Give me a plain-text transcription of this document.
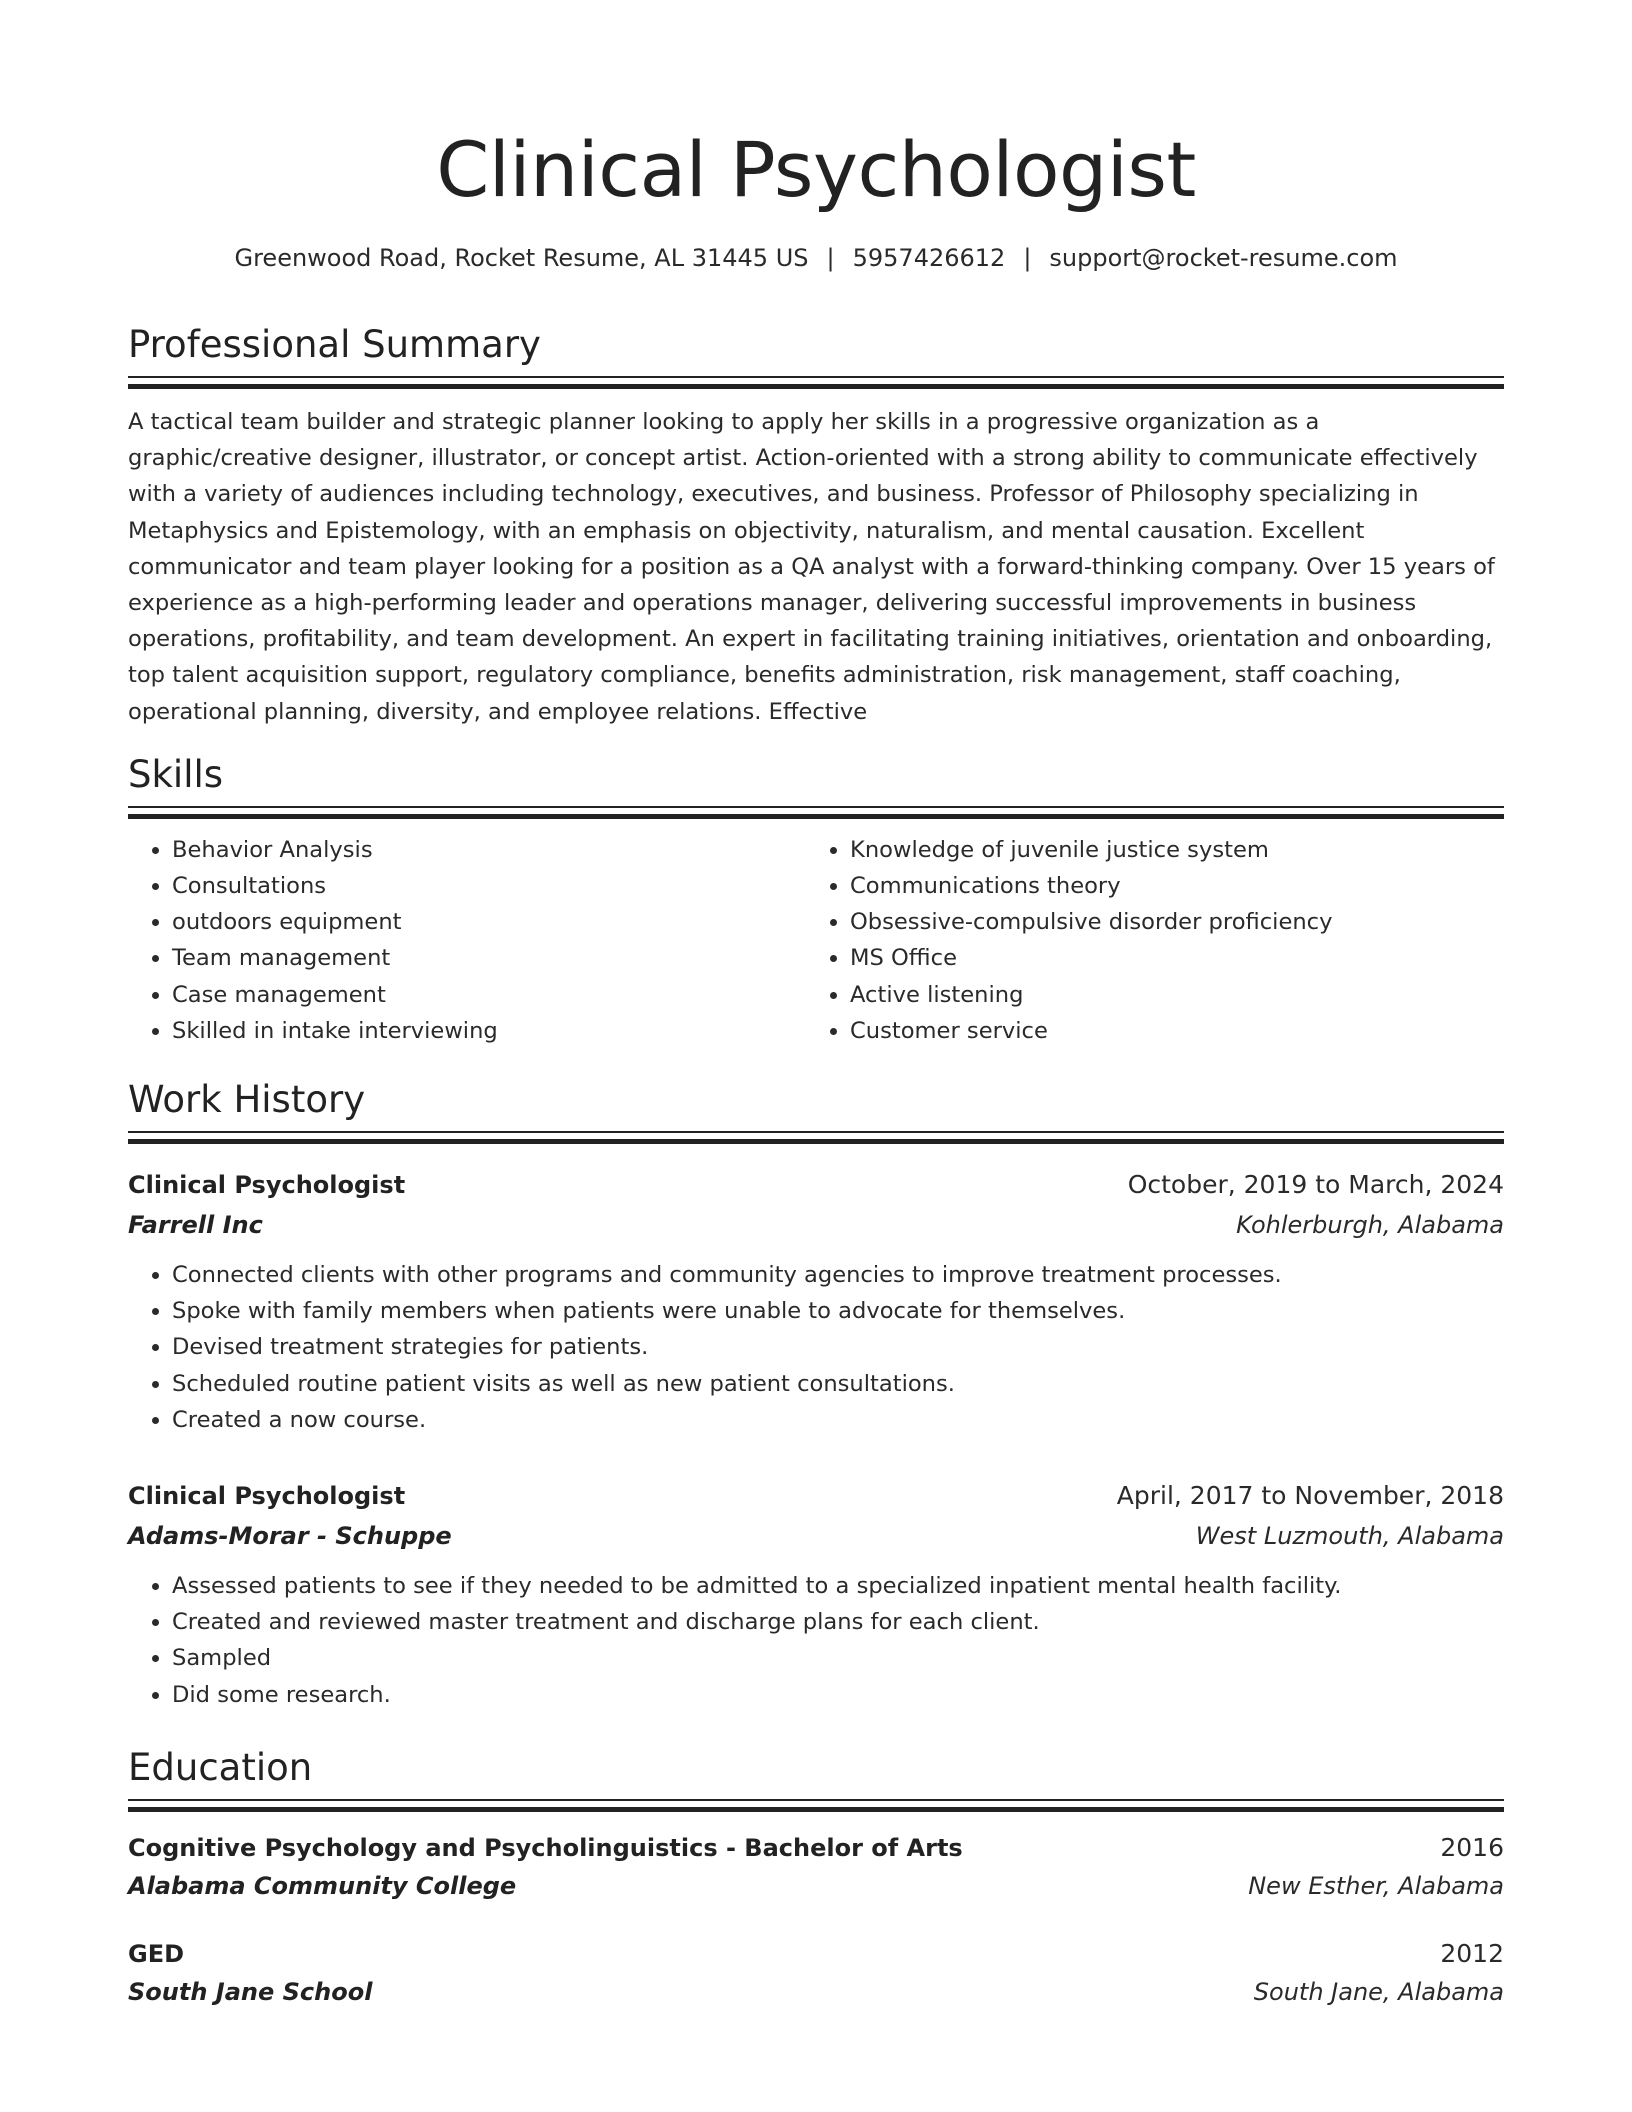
Clinical Psychologist
Greenwood Road, Rocket Resume, AL 31445 US | 5957426612 | support@rocket-resume.com
Professional Summary

A tactical team builder and strategic planner looking to apply her skills in a progressive organization as a graphic/creative designer, illustrator, or concept artist. Action-oriented with a strong ability to communicate effectively with a variety of audiences including technology, executives, and business. Professor of Philosophy specializing in Metaphysics and Epistemology, with an emphasis on objectivity, naturalism, and mental causation. Excellent communicator and team player looking for a position as a QA analyst with a forward-thinking company. Over 15 years of experience as a high-performing leader and operations manager, delivering successful improvements in business operations, profitability, and team development. An expert in facilitating training initiatives, orientation and onboarding, top talent acquisition support, regulatory compliance, benefits administration, risk management, staff coaching, operational planning, diversity, and employee relations. Effective

Skills
• Behavior Analysis
• Consultations
• outdoors equipment
• Team management
• Case management
• Skilled in intake interviewing
• Knowledge of juvenile justice system
• Communications theory
• Obsessive-compulsive disorder proficiency
• MS Office
• Active listening
• Customer service
Work History
Clinical Psychologist	October, 2019 to March, 2024
Farrell Inc	Kohlerburgh, Alabama
• Connected clients with other programs and community agencies to improve treatment processes.
• Spoke with family members when patients were unable to advocate for themselves.
• Devised treatment strategies for patients.
• Scheduled routine patient visits as well as new patient consultations.
• Created a now course.
Clinical Psychologist	April, 2017 to November, 2018
Adams-Morar - Schuppe	West Luzmouth, Alabama
• Assessed patients to see if they needed to be admitted to a specialized inpatient mental health facility.
• Created and reviewed master treatment and discharge plans for each client.
• Sampled
• Did some research.
Education
Cognitive Psychology and Psycholinguistics - Bachelor of Arts	2016
Alabama Community College	New Esther, Alabama
GED	2012
South Jane School	South Jane, Alabama
